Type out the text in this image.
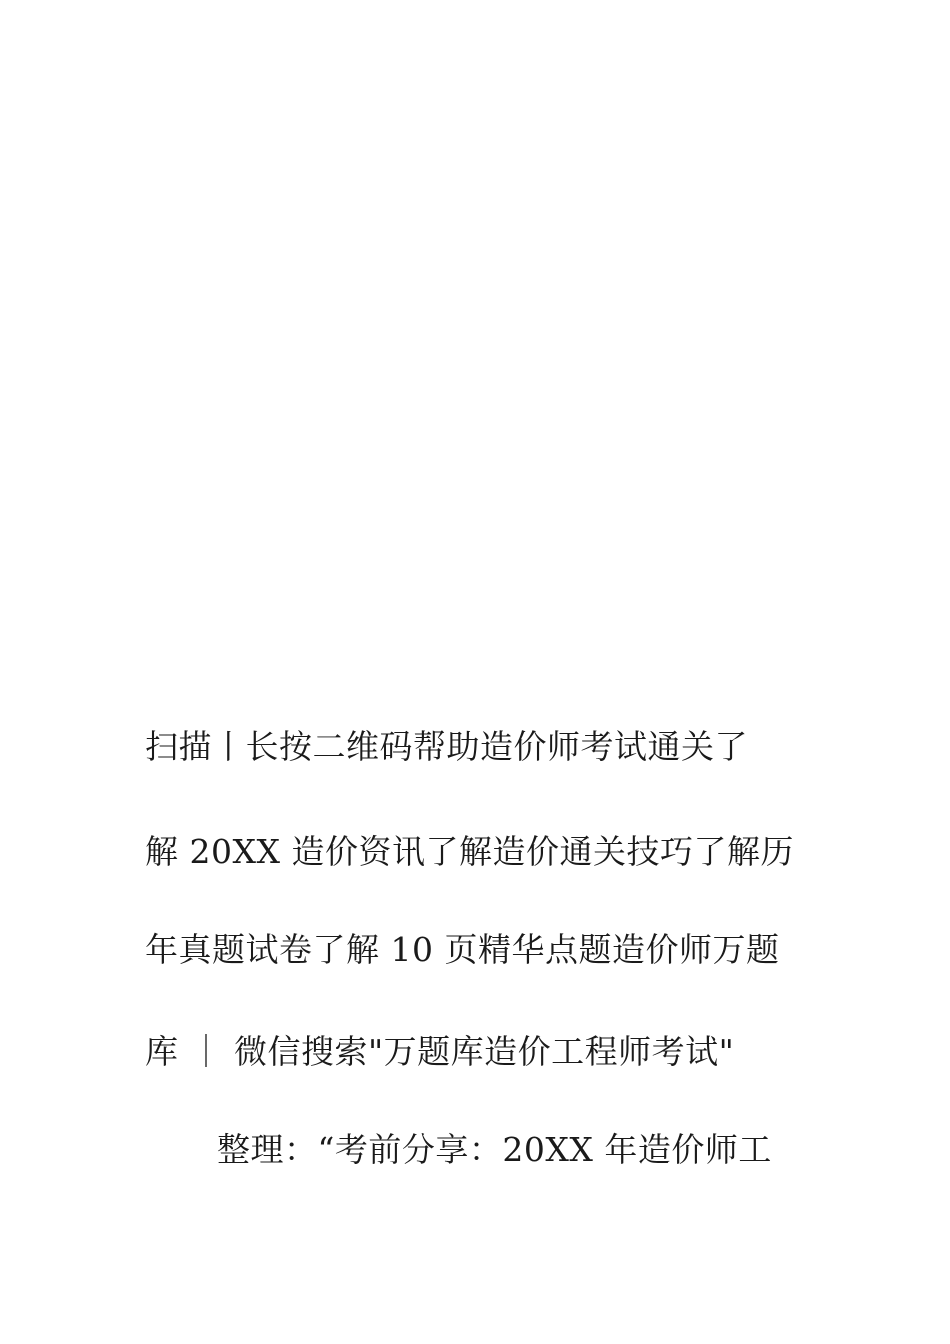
扫描丨长按二维码帮助造价师考试通关了
解 20XX 造价资讯了解造价通关技巧了解历
年真题试卷了解 10 页精华点题造价师万题
库 ｜ 微信搜索"万题库造价工程师考试"
整理：“考前分享：20XX 年造价师工
